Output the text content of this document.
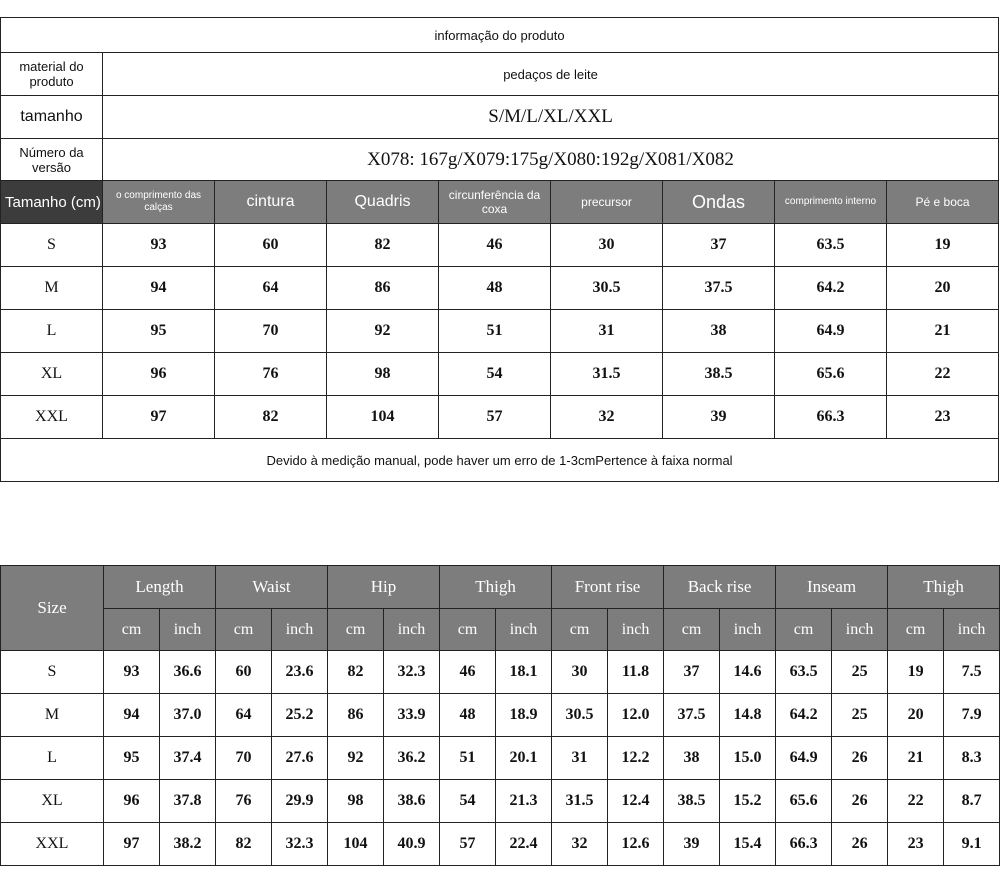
informação do produto								
material do produto	pedaços de leite							
tamanho	S/M/L/XL/XXL							
Número da versão	X078: 167g/X079:175g/X080:192g/X081/X082							
Tamanho (cm)	o comprimento das calças	cintura	Quadris	circunferência da coxa	precursor	Ondas	comprimento interno	Pé e boca
S	93	60	82	46	30	37	63.5	19
M	94	64	86	48	30.5	37.5	64.2	20
L	95	70	92	51	31	38	64.9	21
XL	96	76	98	54	31.5	38.5	65.6	22
XXL	97	82	104	57	32	39	66.3	23
Devido à medição manual, pode haver um erro de 1-3cmPertence à faixa normal								
Size	Length		Waist		Hip		Thigh		Front rise		Back rise		Inseam		Thigh	
	cm	inch	cm	inch	cm	inch	cm	inch	cm	inch	cm	inch	cm	inch	cm	inch
S	93	36.6	60	23.6	82	32.3	46	18.1	30	11.8	37	14.6	63.5	25	19	7.5
M	94	37.0	64	25.2	86	33.9	48	18.9	30.5	12.0	37.5	14.8	64.2	25	20	7.9
L	95	37.4	70	27.6	92	36.2	51	20.1	31	12.2	38	15.0	64.9	26	21	8.3
XL	96	37.8	76	29.9	98	38.6	54	21.3	31.5	12.4	38.5	15.2	65.6	26	22	8.7
XXL	97	38.2	82	32.3	104	40.9	57	22.4	32	12.6	39	15.4	66.3	26	23	9.1
